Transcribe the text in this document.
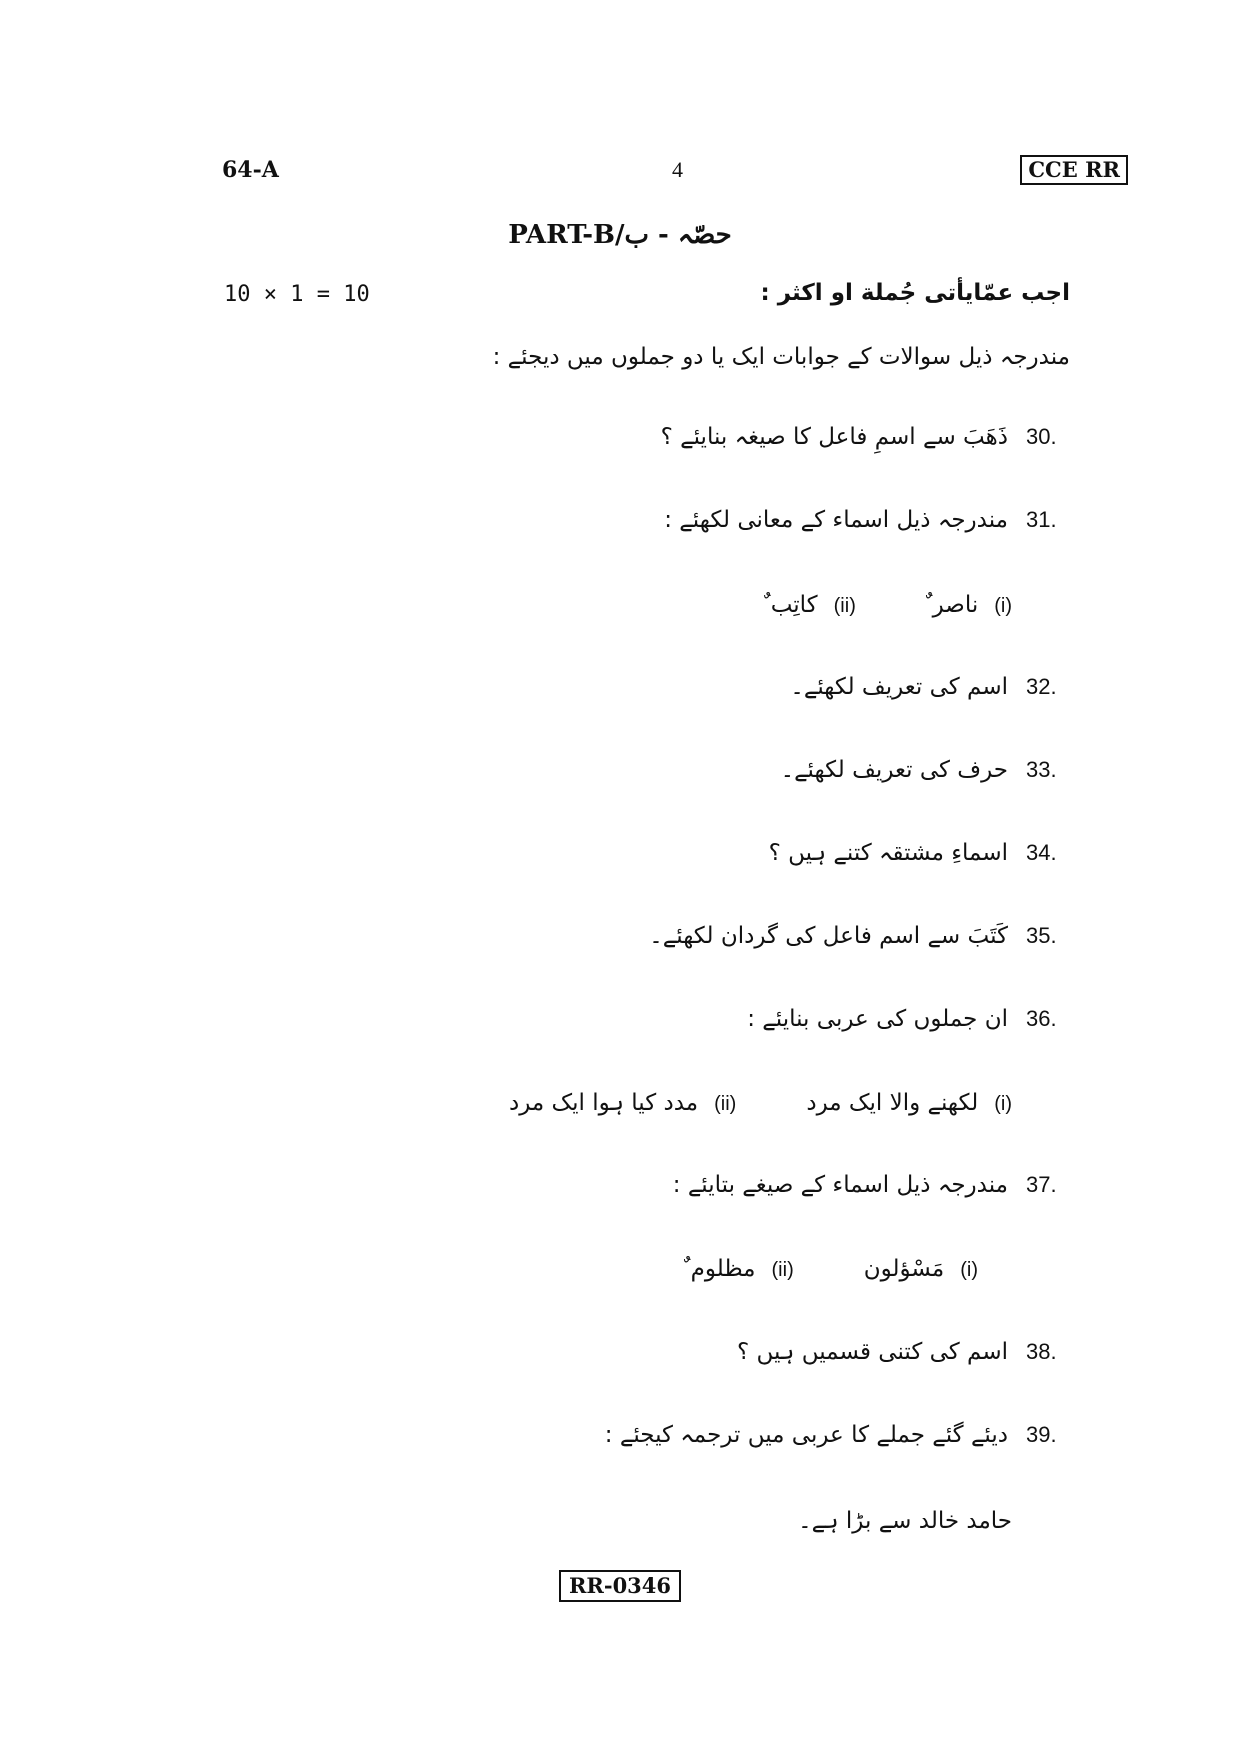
64-A	4	CCE RR
PART-B/حصّہ - ب
10 × 1 = 10	اجب عمّایأتی جُملة او اکثر :
مندرجہ ذیل سوالات کے جوابات ایک یا دو جملوں میں دیجئے :
30.
ذَهَبَ سے اسمِ فاعل کا صیغہ بنایئے ؟
31.
مندرجہ ذیل اسماء کے معانی لکھئے :
(ii)
کاتِب ٌ	(i)
ناصر ٌ
32.
اسم کی تعریف لکھئے۔
33.
حرف کی تعریف لکھئے۔
34.
اسماءِ مشتقہ کتنے ہیں ؟
35.
كَتَبَ سے اسم فاعل کی گردان لکھئے۔
36.
ان جملوں کی عربی بنایئے :
(ii)
مدد کیا ہوا ایک مرد	(i)
لکھنے والا ایک مرد
37.
مندرجہ ذیل اسماء کے صیغے بتایئے :
(ii)
مظلوم ٌ	(i)
مَسْؤلون
38.
اسم کی کتنی قسمیں ہیں ؟
39.
دیئے گئے جملے کا عربی میں ترجمہ کیجئے :
حامد خالد سے بڑا ہے۔
RR-0346
